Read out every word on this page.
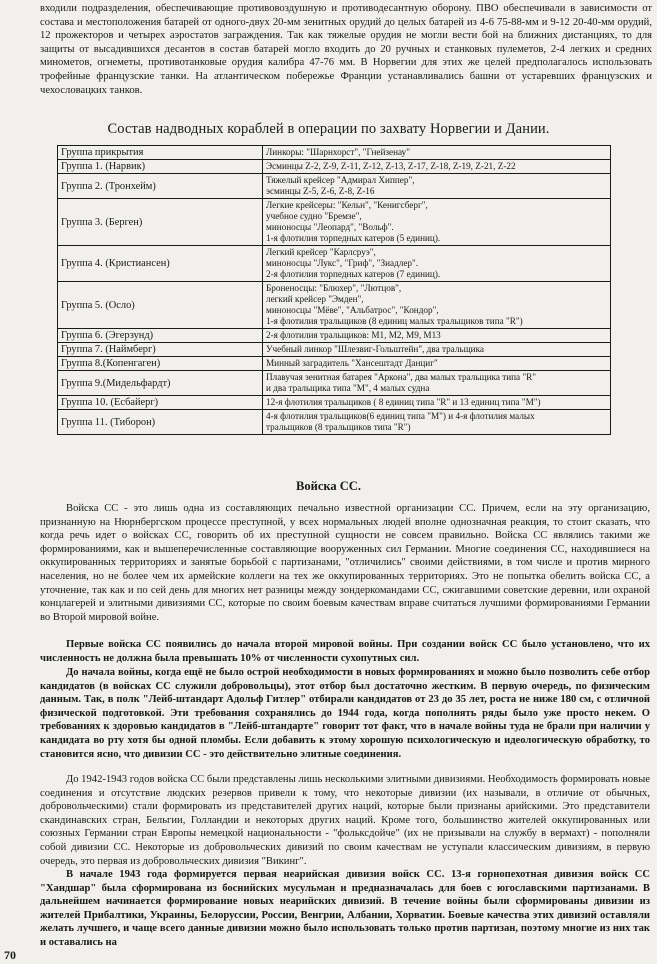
входили подразделения, обеспечивающие противовоздушную и противодесантную оборону. ПВО обеспечивали в зависимости от состава и местоположения батарей от одного-двух 20-мм зенитных орудий до целых батарей из 4-6 75-88-мм и 9-12 20-40-мм орудий, 12 прожекторов и четырех аэростатов заграждения. Так как тяжелые орудия не могли вести бой на ближних дистанциях, то для защиты от высадившихся десантов в состав батарей могло входить до 20 ручных и станковых пулеметов, 2-4 легких и средних минометов, огнеметы, противотанковые орудия калибра 47-76 мм. В Норвегии для этих же целей предполагалось использовать трофейные французские танки. На атлантическом побережье Франции устанавливались башни от устаревших французских и чехословацких танков.
Состав надводных кораблей в операции по захвату Норвегии и Дании.
Группа прикрытия	Линкоры: "Шарнхорст", "Гнейзенау"

Группа 1. (Нарвик)	Эсминцы Z-2, Z-9, Z-11, Z-12, Z-13, Z-17, Z-18, Z-19, Z-21, Z-22

Группа 2. (Тронхейм)	Тяжелый крейсер "Адмирал Хиппер",
эсминцы Z-5, Z-6, Z-8, Z-16

Группа 3. (Берген)	Легкие крейсеры: "Кельн", "Кенигсберг",
учебное судно "Бремзе",
миноносцы "Леопард", "Вольф".
1-я флотилия торпедных катеров (5 единиц).

Группа 4. (Кристиансен)	Легкий крейсер "Карлсруэ",
миноносцы "Лукс", "Гриф", "Зиадлер".
2-я флотилия торпедных катеров (7 единиц).

Группа 5. (Осло)	Броненосцы: "Блюхер", "Лютцов",
легкий крейсер "Эмден",
миноносцы "Мёве", "Альбатрос", "Кондор",
1-я флотилия тральщиков (8 единиц малых тральщиков типа "R")

Группа 6. (Эгерзунд)	2-я флотилия тральщиков: M1, M2, M9, M13

Группа 7. (Наймберг)	Учебный линкор "Шлезвиг-Гольштейн", два тральщика

Группа 8.(Копенгаген)	Минный заградитель "Хансештадт Данциг"

Группа 9.(Мидельфардт)	Плавучая зенитная батарея "Аркона", два малых тральщика типа "R"
и два тральщика типа "M", 4 малых судна

Группа 10. (Есбайерг)	12-я флотилия тральщиков ( 8 единиц типа "R" и 13 единиц типа "M")

Группа 11. (Тиборон)	4-я флотилия тральщиков(6 единиц типа "M") и 4-я флотилия малых
тральщиков (8 тральщиков типа "R")
Войска СС.
Войска СС - это лишь одна из составляющих печально известной организации СС. Причем, если на эту организацию, признанную на Нюрнбергском процессе преступной, у всех нормальных людей вполне однозначная реакция, то стоит сказать, что когда речь идет о войсках СС, говорить об их преступной сущности не совсем правильно. Войска СС являлись такими же формированиями, как и вышеперечисленные составляющие вооруженных сил Германии. Многие соединения СС, находившиеся на оккупированных территориях и занятые борьбой с партизанами, "отличились" своими действиями, в том числе и против мирного населения, но не более чем их армейские коллеги на тех же оккупированных территориях. Это не попытка обелить войска СС, а уточнение, так как и по сей день для многих нет разницы между зондеркомандами СС, сжигавшими советские деревни, или охраной концлагерей и элитными дивизиями СС, которые по своим боевым качествам вправе считаться лучшими формированиями Германии во Второй мировой войне.
Первые войска СС появились до начала второй мировой войны. При создании войск СС было установлено, что их численность не должна была превышать 10% от численности сухопутных сил.
До начала войны, когда ещё не было острой необходимости в новых формированиях и можно было позволить себе отбор кандидатов (в войсках СС служили добровольцы), этот отбор был достаточно жестким. В первую очередь, по физическим данным. Так, в полк "Лейб-штандарт Адольф Гитлер" отбирали кандидатов от 23 до 35 лет, роста не ниже 180 см, с отличной физической подготовкой. Эти требования сохранялись до 1944 года, когда пополнять ряды было уже просто некем. О требованиях к здоровью кандидатов в "Лейб-штандарте" говорит тот факт, что в начале войны туда не брали при наличии у кандидата во рту хотя бы одной пломбы. Если добавить к этому хорошую психологическую и идеологическую обработку, то становится ясно, что дивизии СС - это действительно элитные соединения.
До 1942-1943 годов войска СС были представлены лишь несколькими элитными дивизиями. Необходимость формировать новые соединения и отсутствие людских резервов привели к тому, что некоторые дивизии (их называли, в отличие от обычных, добровольческими) стали формировать из представителей других наций, которые были признаны арийскими. Это представители скандинавских стран, Бельгии, Голландии и некоторых других наций. Кроме того, большинство жителей оккупированных или союзных Германии стран Европы немецкой национальности - "фольксдойче" (их не призывали на службу в вермахт) - пополняли собой дивизии СС. Некоторые из добровольческих дивизий по своим качествам не уступали классическим дивизиям, в первую очередь, это первая из добровольческих дивизия "Викинг".
В начале 1943 года формируется первая неарийская дивизия войск СС. 13-я горнопехотная дивизия войск СС "Хандшар" была сформирована из боснийских мусульман и предназначалась для боев с югославскими партизанами. В дальнейшем начинается формирование новых неарийских дивизий. В течение войны были сформированы дивизии из жителей Прибалтики, Украины, Белоруссии, России, Венгрии, Албании, Хорватии. Боевые качества этих дивизий оставляли желать лучшего, и чаще всего данные дивизии можно было использовать только против партизан, поэтому многие из них так и оставались на
70
